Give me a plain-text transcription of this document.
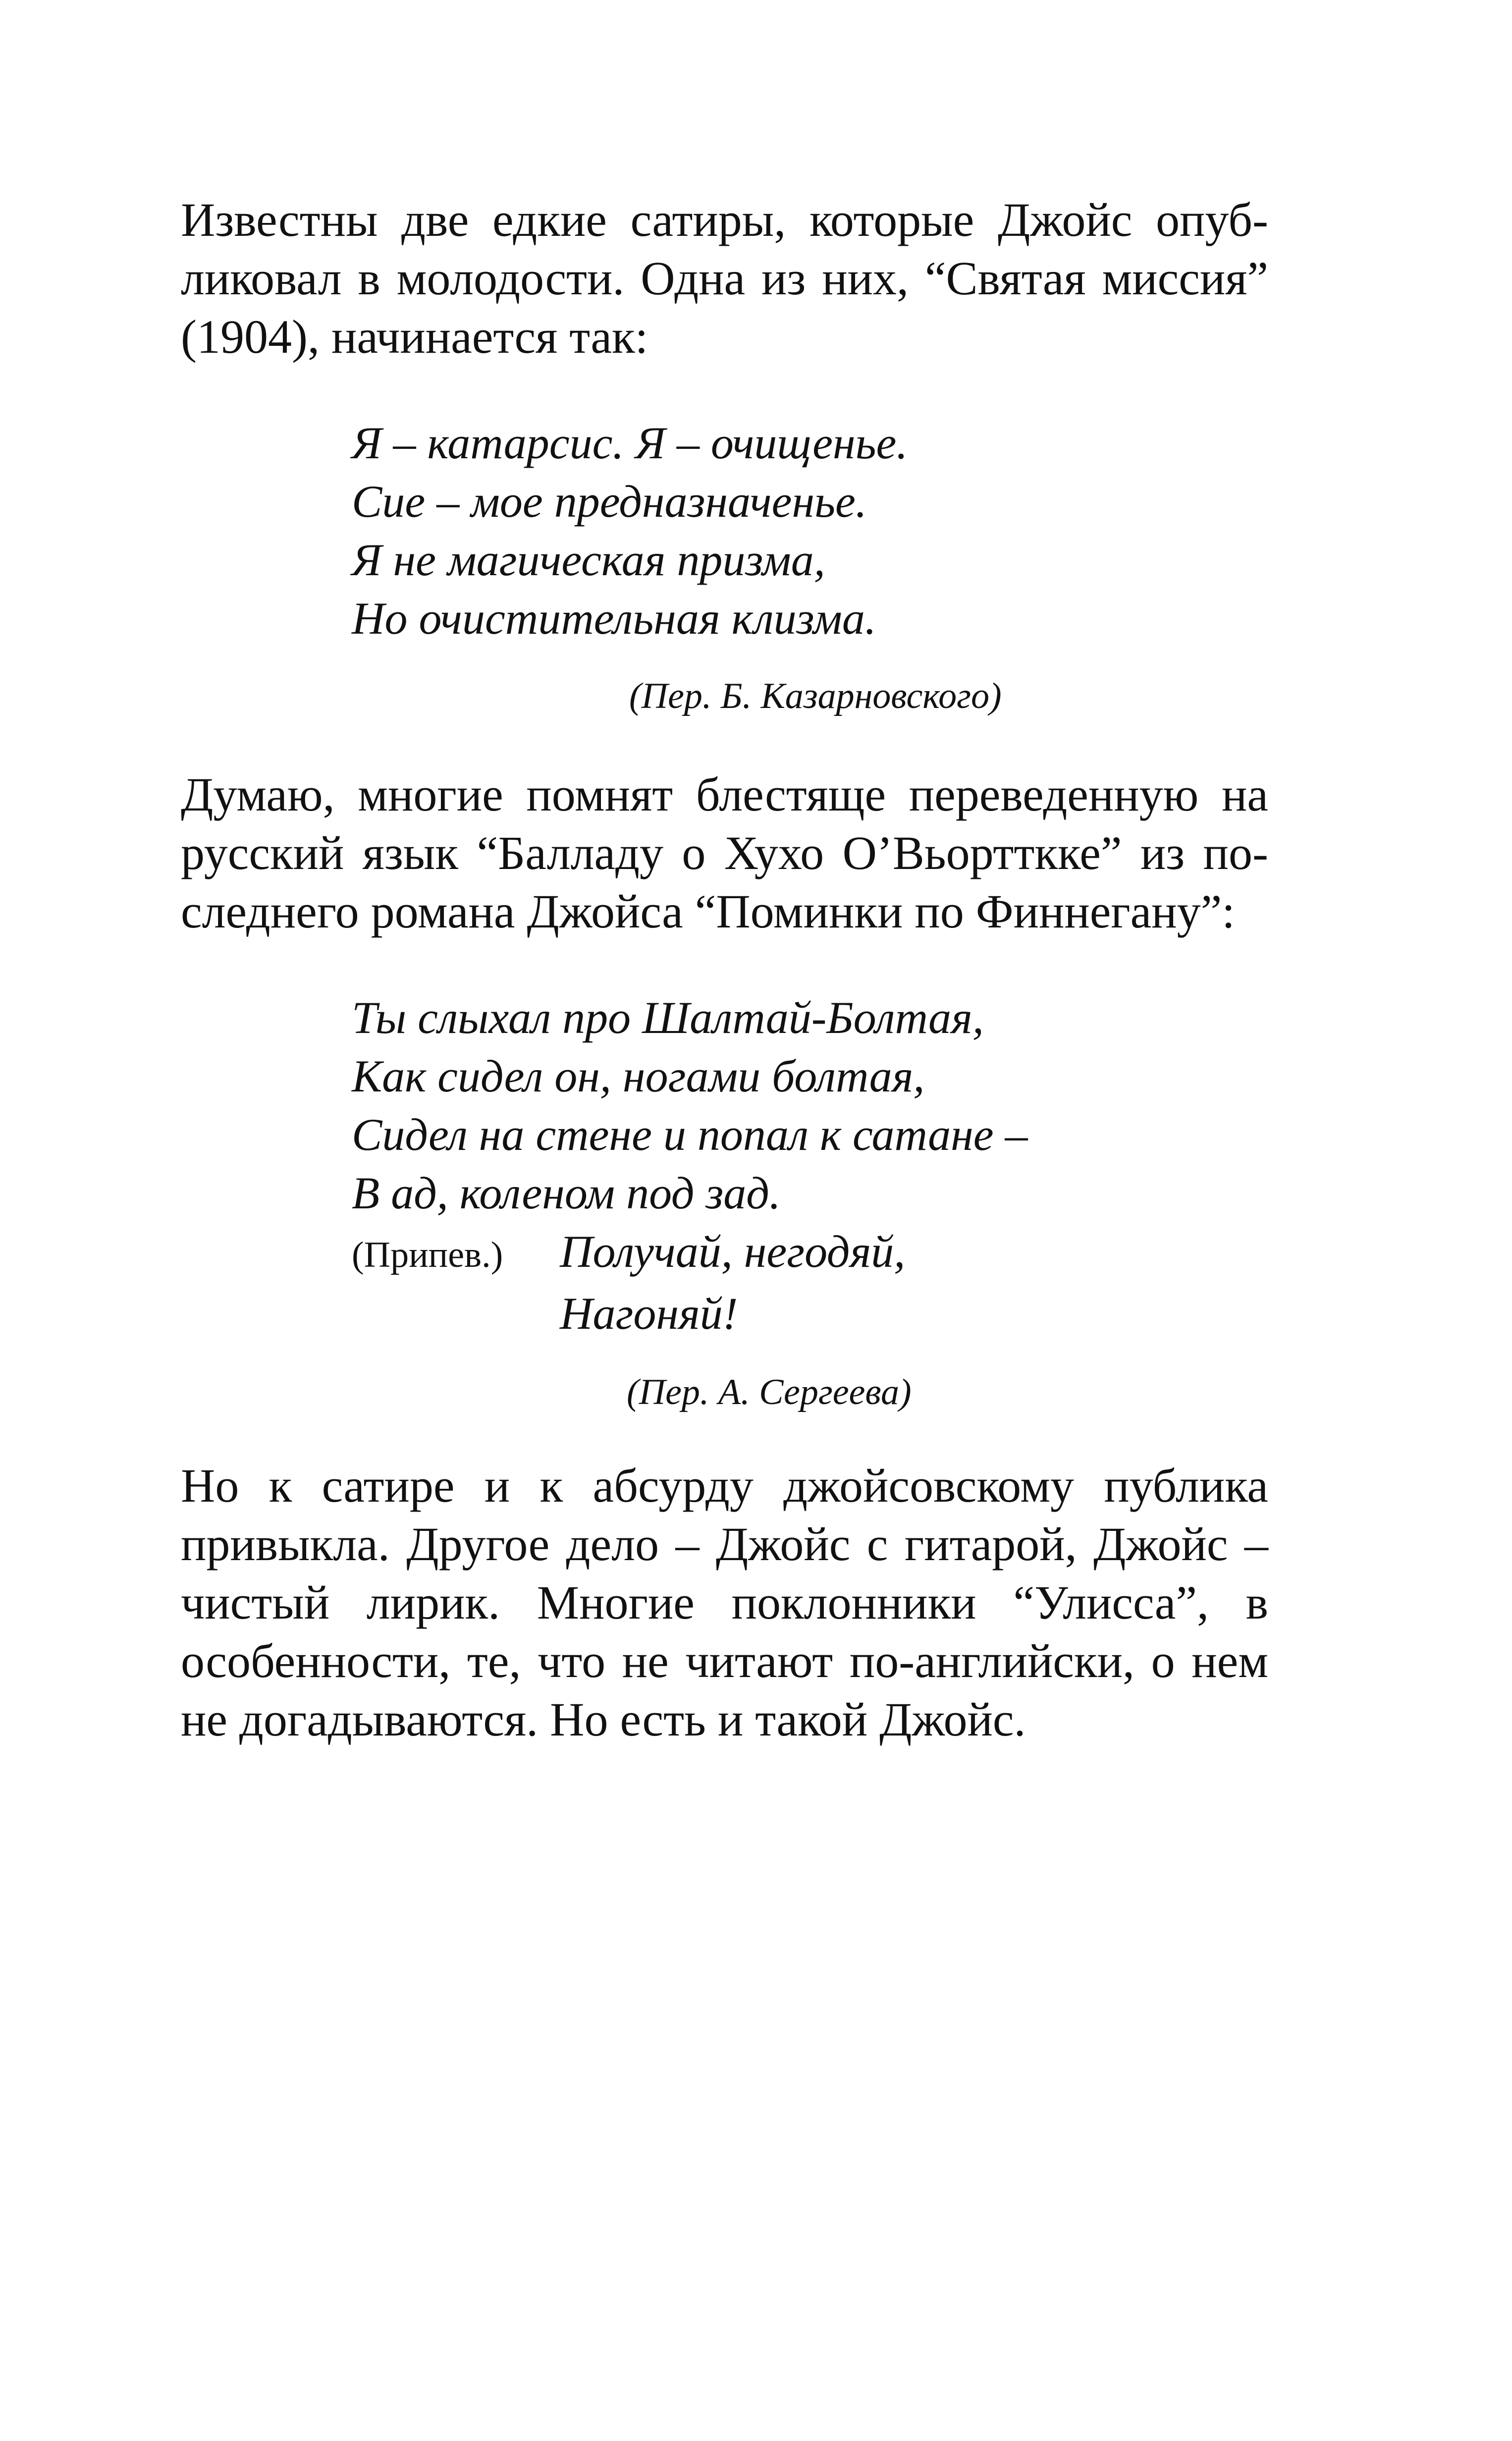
Известны две едкие сатиры, которые Джойс опуб-
ликовал в молодости. Одна из них, “Святая миссия”
(1904), начинается так:
Я – катарсис. Я – очищенье.
Сие – мое предназначенье.
Я не магическая призма,
Но очистительная клизма.
(Пер. Б. Казарновского)
Думаю, многие помнят блестяще переведенную на
русский язык “Балладу о Хухо О’Вьортткке” из по-
следнего романа Джойса “Поминки по Финнегану”:
Ты слыхал про Шалтай-Болтая,
Как сидел он, ногами болтая,
Сидел на стене и попал к сатане –
В ад, коленом под зад.
(Припев.) Получай, негодяй,
Нагоняй!
(Пер. А. Сергеева)
Но к сатире и к абсурду джойсовскому публика
привыкла. Другое дело – Джойс с гитарой, Джойс –
чистый лирик. Многие поклонники “Улисса”, в
особенности, те, что не читают по-английски, о нем
не догадываются. Но есть и такой Джойс.
